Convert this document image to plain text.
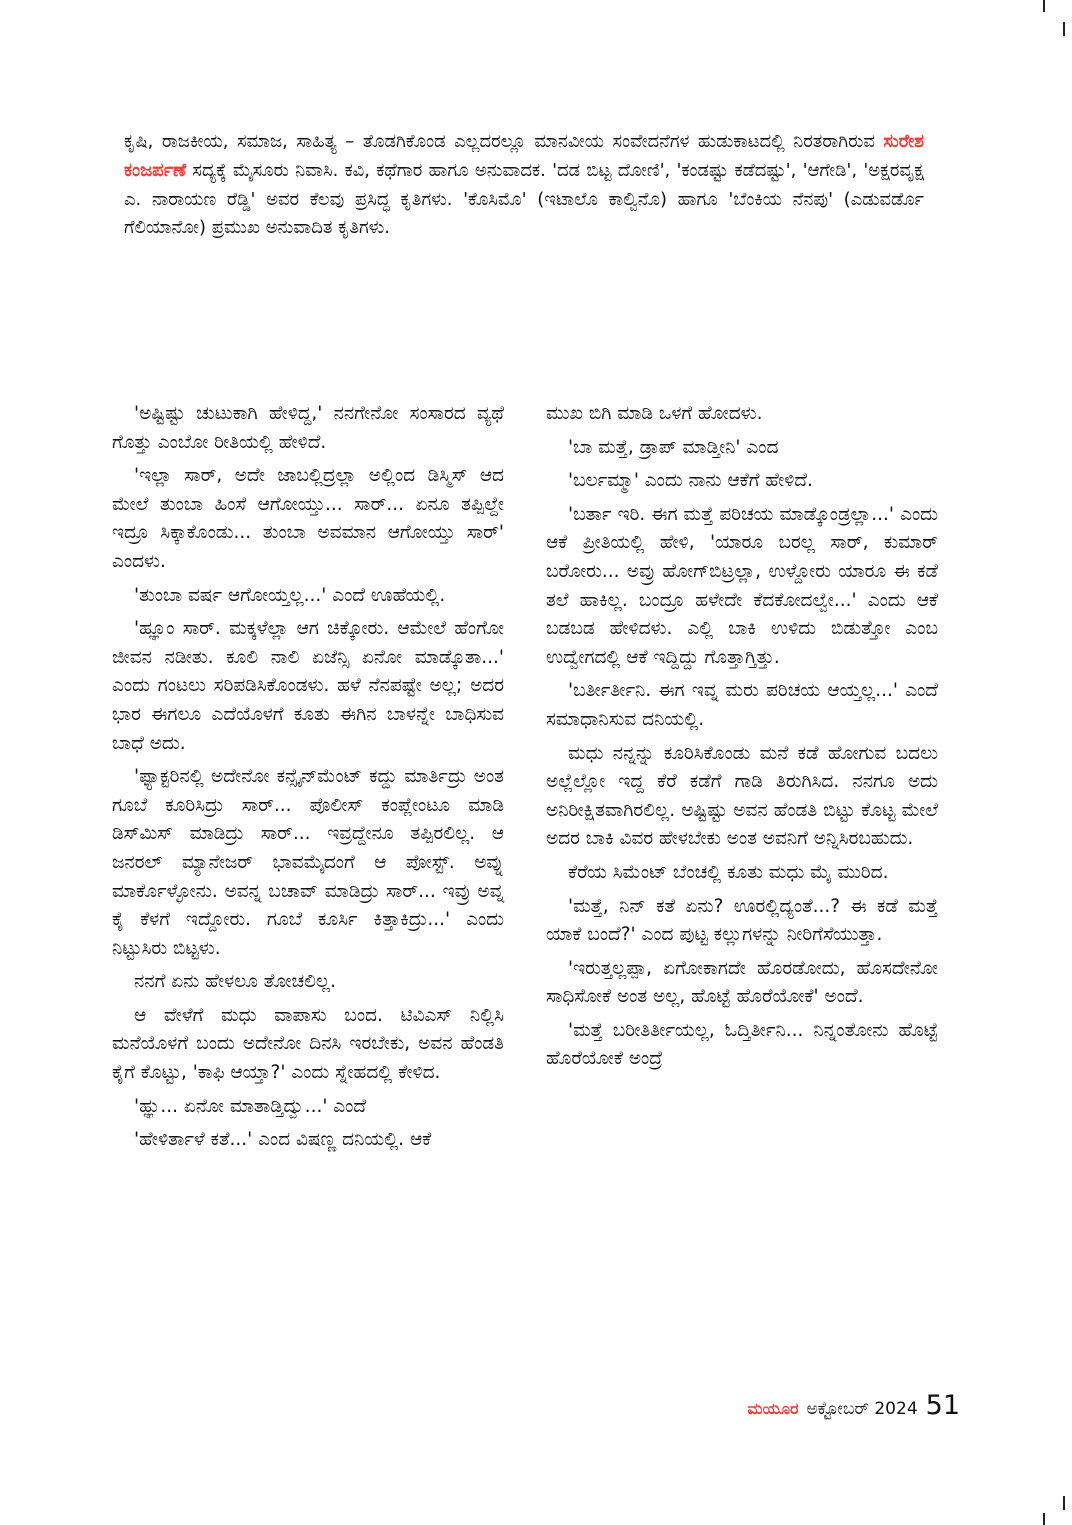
ಕೃಷಿ, ರಾಜಕೀಯ, ಸಮಾಜ, ಸಾಹಿತ್ಯ – ತೊಡಗಿಕೊಂಡ ಎಲ್ಲದರಲ್ಲೂ ಮಾನವೀಯ ಸಂವೇದನೆಗಳ ಹುಡುಕಾಟದಲ್ಲಿ ನಿರತರಾಗಿರುವ ಸುರೇಶ ಕಂಜರ್ಪಣೆ ಸದ್ಯಕ್ಕೆ ಮೈಸೂರು ನಿವಾಸಿ. ಕವಿ, ಕಥೆಗಾರ ಹಾಗೂ ಅನುವಾದಕ. 'ದಡ ಬಿಟ್ಟ ದೋಣಿ', 'ಕಂಡಷ್ಟು ಕಡೆದಷ್ಟು', 'ಆಗೇಡಿ', 'ಅಕ್ಷರವೃಕ್ಷ ಎ. ನಾರಾಯಣ ರೆಡ್ಡಿ' ಅವರ ಕೆಲವು ಪ್ರಸಿದ್ಧ ಕೃತಿಗಳು. 'ಕೊಸಿಮೊ' (ಇಟಾಲೊ ಕಾಲ್ವಿನೊ) ಹಾಗೂ 'ಬೆಂಕಿಯ ನೆನಪು' (ಎಡುವರ್ಡೊ ಗೆಲಿಯಾನೋ) ಪ್ರಮುಖ ಅನುವಾದಿತ ಕೃತಿಗಳು.

'ಅಷ್ಟಿಷ್ಟು ಚುಟುಕಾಗಿ ಹೇಳಿದ್ದ,' ನನಗೇನೋ ಸಂಸಾರದ ವ್ಯಥೆ ಗೊತ್ತು ಎಂಬೋ ರೀತಿಯಲ್ಲಿ ಹೇಳಿದೆ.

'ಇಲ್ಲಾ ಸಾರ್, ಅದೇ ಜಾಬಲ್ಲಿದ್ರಲ್ಲಾ ಅಲ್ಲಿಂದ ಡಿಸ್ಮಿಸ್ ಆದ ಮೇಲೆ ತುಂಬಾ ಹಿಂಸೆ ಆಗೋಯ್ತು... ಸಾರ್... ಏನೂ ತಪ್ಪಿಲ್ದೇ ಇದ್ರೂ ಸಿಕ್ಕಾಕೊಂಡು... ತುಂಬಾ ಅವಮಾನ ಆಗೋಯ್ತು ಸಾರ್' ಎಂದಳು.

'ತುಂಬಾ ವರ್ಷ ಆಗೋಯ್ತಲ್ಲ...' ಎಂದೆ ಊಹೆಯಲ್ಲಿ.

'ಹ್ಞೂಂ ಸಾರ್. ಮಕ್ಕಳೆಲ್ಲಾ ಆಗ ಚಿಕ್ಕೋರು. ಆಮೇಲೆ ಹೆಂಗೋ ಜೀವನ ನಡೀತು. ಕೂಲಿ ನಾಲಿ ಏಜೆನ್ಸಿ ಏನೋ ಮಾಡ್ಕೊತಾ...' ಎಂದು ಗಂಟಲು ಸರಿಪಡಿಸಿಕೊಂಡಳು. ಹಳೆ ನೆನಪಷ್ಟೇ ಅಲ್ಲ; ಅದರ ಭಾರ ಈಗಲೂ ಎದೆಯೊಳಗೆ ಕೂತು ಈಗಿನ ಬಾಳನ್ನೇ ಬಾಧಿಸುವ ಬಾಧೆ ಅದು.

'ಫ್ಯಾಕ್ಟರಿನಲ್ಲಿ ಅದೇನೋ ಕನ್ಸೈನ್‌ಮೆಂಟ್ ಕದ್ದು ಮಾರ್ತಿದ್ರು ಅಂತ ಗೂಬೆ ಕೂರಿಸಿದ್ರು ಸಾರ್... ಪೊಲೀಸ್ ಕಂಪ್ಲೇಂಟೂ ಮಾಡಿ ಡಿಸ್‌ಮಿಸ್ ಮಾಡಿದ್ರು ಸಾರ್... ಇವ್ರದ್ದೇನೂ ತಪ್ಪಿರಲಿಲ್ಲ. ಆ ಜನರಲ್ ಮ್ಯಾನೇಜರ್ ಭಾವಮೈದಂಗೆ ಆ ಪೋಸ್ಟ್. ಅವ್ನು ಮಾರ್ಕೊಳ್ಳೋನು. ಅವನ್ನ ಬಚಾವ್ ಮಾಡಿದ್ರು ಸಾರ್... ಇವ್ರು ಅವ್ನ ಕೈ ಕೆಳಗೆ ಇದ್ದೋರು. ಗೂಬೆ ಕೂರ್ಸಿ ಕಿತ್ತಾಕಿದ್ರು...' ಎಂದು ನಿಟ್ಟುಸಿರು ಬಿಟ್ಟಳು.

ನನಗೆ ಏನು ಹೇಳಲೂ ತೋಚಲಿಲ್ಲ.

ಆ ವೇಳೆಗೆ ಮಧು ವಾಪಾಸು ಬಂದ. ಟಿವಿಎಸ್ ನಿಲ್ಲಿಸಿ ಮನೆಯೊಳಗೆ ಬಂದು ಅದೇನೋ ದಿನಸಿ ಇರಬೇಕು, ಅವನ ಹೆಂಡತಿ ಕೈಗೆ ಕೊಟ್ಟು, 'ಕಾಫಿ ಆಯ್ತಾ?' ಎಂದು ಸ್ನೇಹದಲ್ಲಿ ಕೇಳಿದ.

'ಹ್ಞು... ಏನೋ ಮಾತಾಡ್ತಿದ್ವು...' ಎಂದೆ

'ಹೇಳಿರ್ತಾಳೆ ಕತೆ...' ಎಂದ ವಿಷಣ್ಣ ದನಿಯಲ್ಲಿ. ಆಕೆ

ಮುಖ ಬಿಗಿ ಮಾಡಿ ಒಳಗೆ ಹೋದಳು.

'ಬಾ ಮತ್ತೆ, ಡ್ರಾಪ್ ಮಾಡ್ತೀನಿ' ಎಂದ

'ಬರ್ಲಮ್ಮಾ' ಎಂದು ನಾನು ಆಕೆಗೆ ಹೇಳಿದೆ.

'ಬರ್ತಾ ಇರಿ. ಈಗ ಮತ್ತೆ ಪರಿಚಯ ಮಾಡ್ಕೊಂಡ್ರಲ್ಲಾ...' ಎಂದು ಆಕೆ ಪ್ರೀತಿಯಲ್ಲಿ ಹೇಳಿ, 'ಯಾರೂ ಬರಲ್ಲ ಸಾರ್, ಕುಮಾರ್ ಬರೋರು... ಅವ್ರು ಹೋಗ್‌ಬಿಟ್ರಲ್ಲಾ, ಉಳ್ದೋರು ಯಾರೂ ಈ ಕಡೆ ತಲೆ ಹಾಕಿಲ್ಲ. ಬಂದ್ರೂ ಹಳೇದೇ ಕೆದಕೋದಲ್ವೇ...' ಎಂದು ಆಕೆ ಬಡಬಡ ಹೇಳಿದಳು. ಎಲ್ಲಿ ಬಾಕಿ ಉಳಿದು ಬಿಡುತ್ತೋ ಎಂಬ ಉದ್ವೇಗದಲ್ಲಿ ಆಕೆ ಇದ್ದಿದ್ದು ಗೊತ್ತಾಗ್ತಿತ್ತು.

'ಬರ್ತೀರ್ತೀನಿ. ಈಗ ಇವ್ನ ಮರು ಪರಿಚಯ ಆಯ್ತಲ್ಲ...' ಎಂದೆ ಸಮಾಧಾನಿಸುವ ದನಿಯಲ್ಲಿ.

ಮಧು ನನ್ನನ್ನು ಕೂರಿಸಿಕೊಂಡು ಮನೆ ಕಡೆ ಹೋಗುವ ಬದಲು ಅಲ್ಲೆಲ್ಲೋ ಇದ್ದ ಕೆರೆ ಕಡೆಗೆ ಗಾಡಿ ತಿರುಗಿಸಿದ. ನನಗೂ ಅದು ಅನಿರೀಕ್ಷಿತವಾಗಿರಲಿಲ್ಲ. ಅಷ್ಟಿಷ್ಟು ಅವನ ಹೆಂಡತಿ ಬಿಟ್ಟು ಕೊಟ್ಟ ಮೇಲೆ ಅದರ ಬಾಕಿ ವಿವರ ಹೇಳಬೇಕು ಅಂತ ಅವನಿಗೆ ಅನ್ನಿಸಿರಬಹುದು.

ಕೆರೆಯ ಸಿಮೆಂಟ್ ಬೆಂಚಲ್ಲಿ ಕೂತು ಮಧು ಮೈ ಮುರಿದ.

'ಮತ್ತೆ, ನಿನ್ ಕತೆ ಏನು? ಊರಲ್ಲಿದ್ಯಂತೆ...? ಈ ಕಡೆ ಮತ್ತೆ ಯಾಕೆ ಬಂದೆ?' ಎಂದ ಪುಟ್ಟ ಕಲ್ಲುಗಳನ್ನು ನೀರಿಗೆಸೆಯುತ್ತಾ.

'ಇರುತ್ತಲ್ಲಪ್ಪಾ, ಏಗೋಕಾಗದೇ ಹೊರಡೋದು, ಹೊಸದೇನೋ ಸಾಧಿಸೋಕೆ ಅಂತ ಅಲ್ಲ, ಹೊಟ್ಟೆ ಹೊರೆಯೋಕೆ' ಅಂದೆ.

'ಮತ್ತೆ ಬರೀತಿರ್ತೀಯಲ್ಲ, ಓದ್ತಿರ್ತೀನಿ... ನಿನ್ನಂತೋನು ಹೊಟ್ಟೆ ಹೊರೆಯೋಕೆ ಅಂದ್ರೆ

ಮಯೂರ ಅಕ್ಟೋಬರ್ 2024 51
